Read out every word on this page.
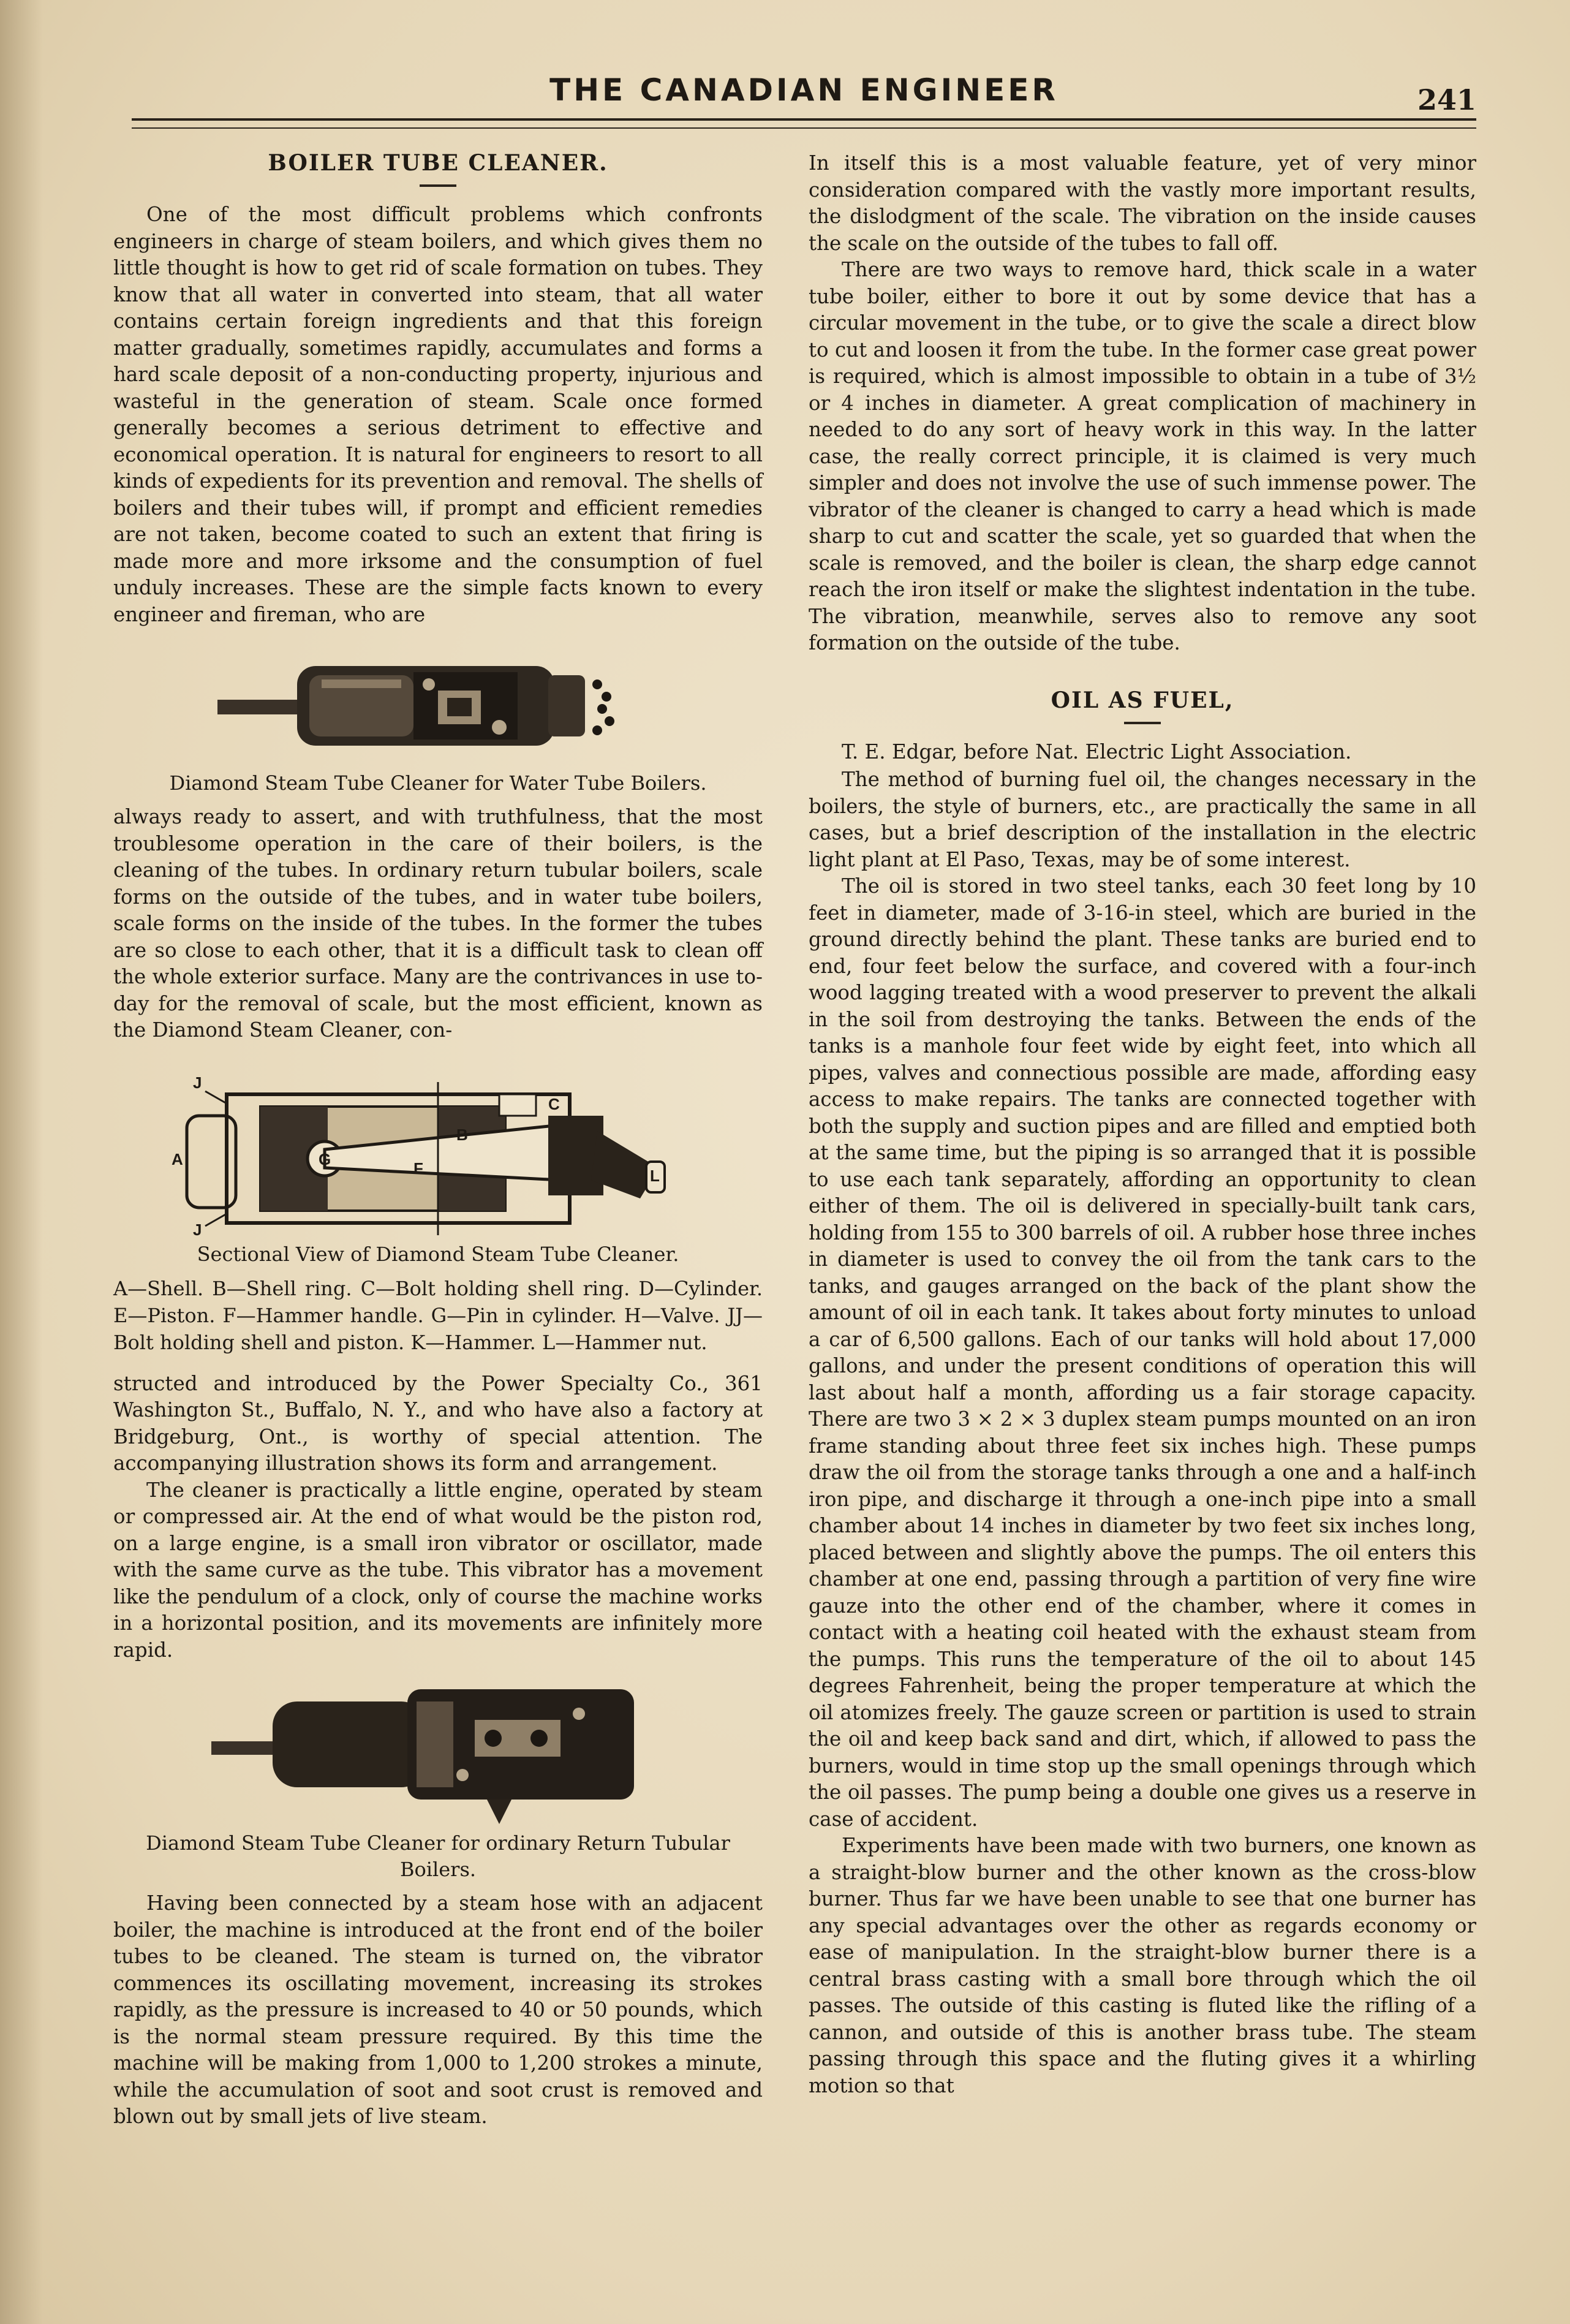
THE CANADIAN ENGINEER	241
BOILER TUBE CLEANER.

One of the most difficult problems which confronts engineers in charge of steam boilers, and which gives them no little thought is how to get rid of scale formation on tubes. They know that all water in converted into steam, that all water contains certain foreign ingredients and that this foreign matter gradually, sometimes rapidly, accumulates and forms a hard scale deposit of a non-conducting property, injurious and wasteful in the generation of steam. Scale once formed generally becomes a serious detriment to effective and economical operation. It is natural for engineers to resort to all kinds of expedients for its prevention and removal. The shells of boilers and their tubes will, if prompt and efficient remedies are not taken, become coated to such an extent that firing is made more and more irksome and the consumption of fuel unduly increases. These are the simple facts known to every engineer and fireman, who are

Diamond Steam Tube Cleaner for Water Tube Boilers.

always ready to assert, and with truthfulness, that the most troublesome operation in the care of their boilers, is the cleaning of the tubes. In ordinary return tubular boilers, scale forms on the outside of the tubes, and in water tube boilers, scale forms on the inside of the tubes. In the former the tubes are so close to each other, that it is a difficult task to clean off the whole exterior surface. Many are the contrivances in use to-day for the removal of scale, but the most efficient, known as the Diamond Steam Cleaner, con-

J
A
B
C
G	F	L
J
Sectional View of Diamond Steam Tube Cleaner.
A—Shell. B—Shell ring. C—Bolt holding shell ring. D—Cylinder. E—Piston. F—Hammer handle. G—Pin in cylinder. H—Valve. JJ—Bolt holding shell and piston. K—Hammer. L—Hammer nut.

structed and introduced by the Power Specialty Co., 361 Washington St., Buffalo, N. Y., and who have also a factory at Bridgeburg, Ont., is worthy of special attention. The accompanying illustration shows its form and arrangement.

The cleaner is practically a little engine, operated by steam or compressed air. At the end of what would be the piston rod, on a large engine, is a small iron vibrator or oscillator, made with the same curve as the tube. This vibrator has a movement like the pendulum of a clock, only of course the machine works in a horizontal position, and its movements are infinitely more rapid.

Diamond Steam Tube Cleaner for ordinary Return Tubular Boilers.

Having been connected by a steam hose with an adjacent boiler, the machine is introduced at the front end of the boiler tubes to be cleaned. The steam is turned on, the vibrator commences its oscillating movement, increasing its strokes rapidly, as the pressure is increased to 40 or 50 pounds, which is the normal steam pressure required. By this time the machine will be making from 1,000 to 1,200 strokes a minute, while the accumulation of soot and soot crust is removed and blown out by small jets of live steam.

In itself this is a most valuable feature, yet of very minor consideration compared with the vastly more important results, the dislodgment of the scale. The vibration on the inside causes the scale on the outside of the tubes to fall off.

There are two ways to remove hard, thick scale in a water tube boiler, either to bore it out by some device that has a circular movement in the tube, or to give the scale a direct blow to cut and loosen it from the tube. In the former case great power is required, which is almost impossible to obtain in a tube of 3½ or 4 inches in diameter. A great complication of machinery in needed to do any sort of heavy work in this way. In the latter case, the really correct principle, it is claimed is very much simpler and does not involve the use of such immense power. The vibrator of the cleaner is changed to carry a head which is made sharp to cut and scatter the scale, yet so guarded that when the scale is removed, and the boiler is clean, the sharp edge cannot reach the iron itself or make the slightest indentation in the tube. The vibration, meanwhile, serves also to remove any soot formation on the outside of the tube.

OIL AS FUEL,

T. E. Edgar, before Nat. Electric Light Association.

The method of burning fuel oil, the changes necessary in the boilers, the style of burners, etc., are practically the same in all cases, but a brief description of the installation in the electric light plant at El Paso, Texas, may be of some interest.

The oil is stored in two steel tanks, each 30 feet long by 10 feet in diameter, made of 3-16-in steel, which are buried in the ground directly behind the plant. These tanks are buried end to end, four feet below the surface, and covered with a four-inch wood lagging treated with a wood preserver to prevent the alkali in the soil from destroying the tanks. Between the ends of the tanks is a manhole four feet wide by eight feet, into which all pipes, valves and connectious possible are made, affording easy access to make repairs. The tanks are connected together with both the supply and suction pipes and are filled and emptied both at the same time, but the piping is so arranged that it is possible to use each tank separately, affording an opportunity to clean either of them. The oil is delivered in specially-built tank cars, holding from 155 to 300 barrels of oil. A rubber hose three inches in diameter is used to convey the oil from the tank cars to the tanks, and gauges arranged on the back of the plant show the amount of oil in each tank. It takes about forty minutes to unload a car of 6,500 gallons. Each of our tanks will hold about 17,000 gallons, and under the present conditions of operation this will last about half a month, affording us a fair storage capacity. There are two 3 × 2 × 3 duplex steam pumps mounted on an iron frame standing about three feet six inches high. These pumps draw the oil from the storage tanks through a one and a half-inch iron pipe, and discharge it through a one-inch pipe into a small chamber about 14 inches in diameter by two feet six inches long, placed between and slightly above the pumps. The oil enters this chamber at one end, passing through a partition of very fine wire gauze into the other end of the chamber, where it comes in contact with a heating coil heated with the exhaust steam from the pumps. This runs the temperature of the oil to about 145 degrees Fahrenheit, being the proper temperature at which the oil atomizes freely. The gauze screen or partition is used to strain the oil and keep back sand and dirt, which, if allowed to pass the burners, would in time stop up the small openings through which the oil passes. The pump being a double one gives us a reserve in case of accident.

Experiments have been made with two burners, one known as a straight-blow burner and the other known as the cross-blow burner. Thus far we have been unable to see that one burner has any special advantages over the other as regards economy or ease of manipulation. In the straight-blow burner there is a central brass casting with a small bore through which the oil passes. The outside of this casting is fluted like the rifling of a cannon, and outside of this is another brass tube. The steam passing through this space and the fluting gives it a whirling motion so that
